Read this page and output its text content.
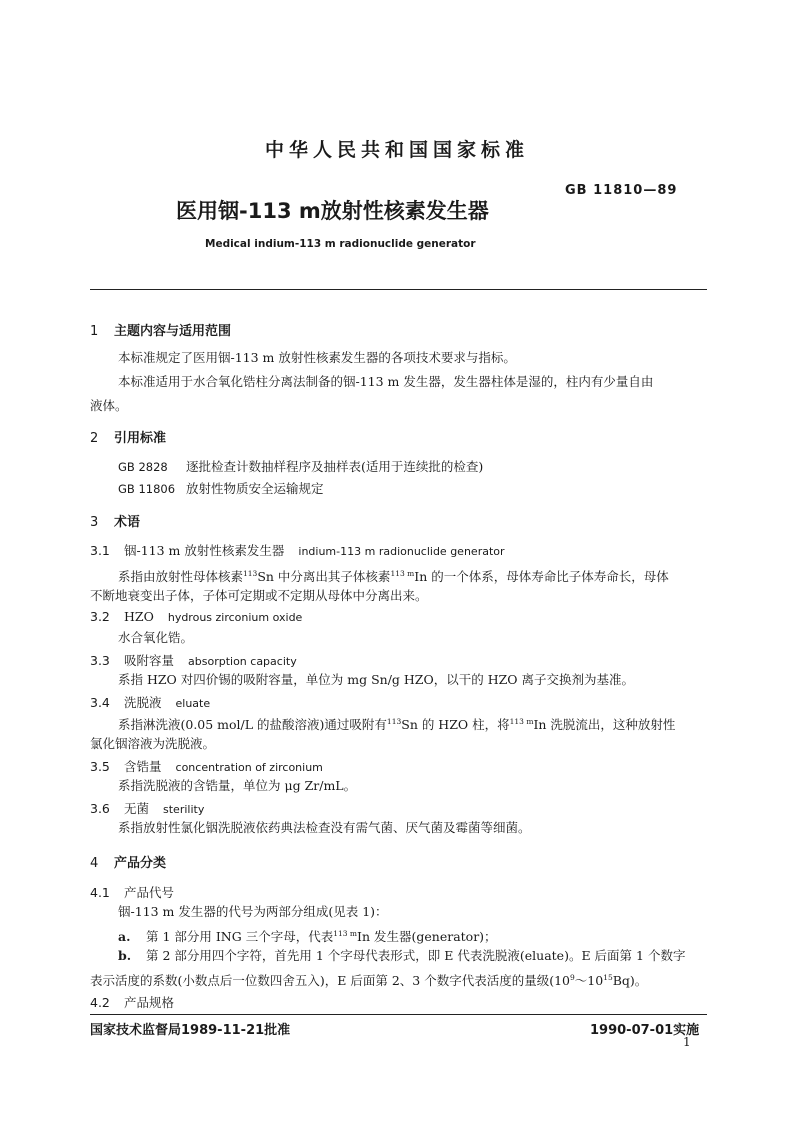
中华人民共和国国家标准
GB 11810—89
医用铟-113 m放射性核素发生器
Medical indium-113 m radionuclide generator
1 主题内容与适用范围
本标准规定了医用铟-113 m 放射性核素发生器的各项技术要求与指标。
本标准适用于水合氧化锆柱分离法制备的铟-113 m 发生器，发生器柱体是湿的，柱内有少量自由
液体。
2 引用标准
GB 2828 逐批检查计数抽样程序及抽样表(适用于连续批的检查)
GB 11806 放射性物质安全运输规定
3 术语
3.1 铟-113 m 放射性核素发生器 indium-113 m radionuclide generator
系指由放射性母体核素$^{113}$Sn 中分离出其子体核素$^{113 m}$In 的一个体系，母体寿命比子体寿命长，母体
不断地衰变出子体，子体可定期或不定期从母体中分离出来。
3.2 HZO hydrous zirconium oxide
水合氧化锆。
3.3 吸附容量 absorption capacity
系指 HZO 对四价锡的吸附容量，单位为 mg Sn/g HZO，以干的 HZO 离子交换剂为基准。
3.4 洗脱液 eluate
系指淋洗液(0.05 mol/L 的盐酸溶液)通过吸附有$^{113}$Sn 的 HZO 柱，将$^{113 m}$In 洗脱流出，这种放射性
氯化铟溶液为洗脱液。
3.5 含锆量 concentration of zirconium
系指洗脱液的含锆量，单位为 μg Zr/mL。
3.6 无菌 sterility
系指放射性氯化铟洗脱液依药典法检查没有需气菌、厌气菌及霉菌等细菌。
4 产品分类
4.1 产品代号
铟-113 m 发生器的代号为两部分组成(见表 1)：
a. 第 1 部分用 ING 三个字母，代表$^{113 m}$In 发生器(generator)；
b. 第 2 部分用四个字符，首先用 1 个字母代表形式，即 E 代表洗脱液(eluate)。E 后面第 1 个数字
表示活度的系数(小数点后一位数四舍五入)，E 后面第 2、3 个数字代表活度的量级$(10^9\sim 10^{15}Bq)$。
4.2 产品规格
国家技术监督局1989-11-21批准	1990-07-01实施
1
